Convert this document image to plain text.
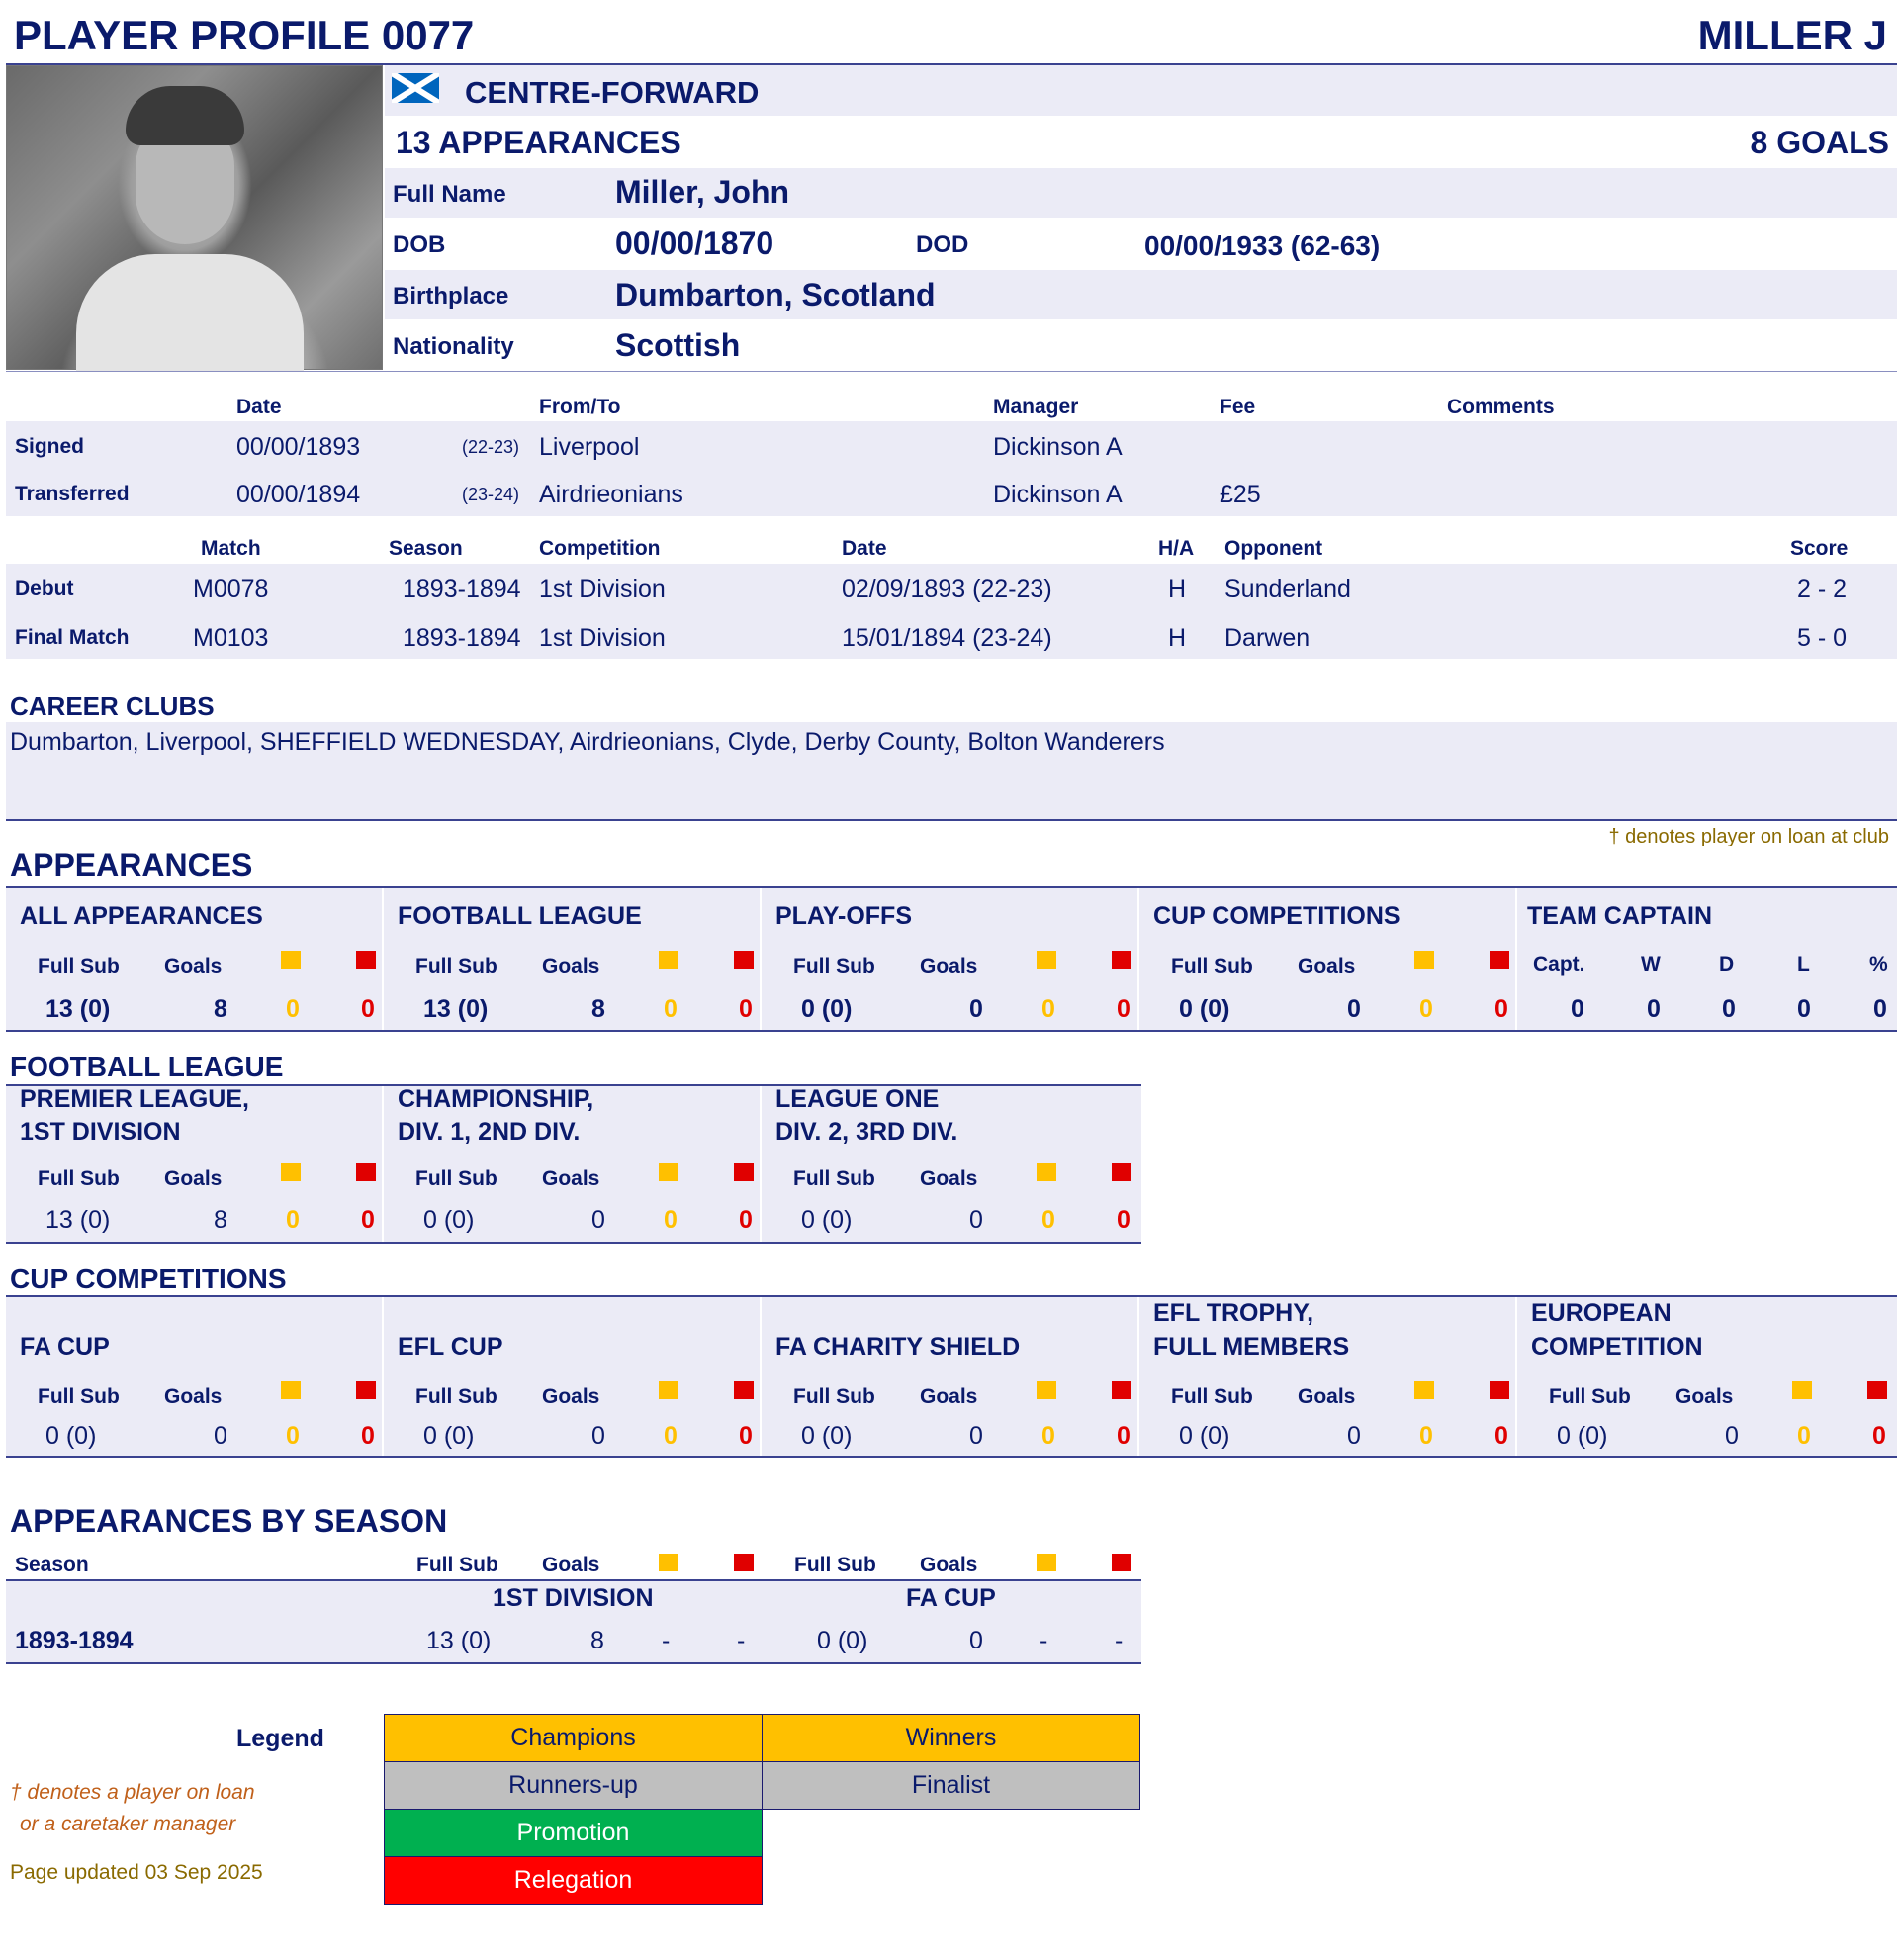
PLAYER PROFILE 0077	MILLER J
CENTRE-FORWARD
13 APPEARANCES	8 GOALS
Full Name	Miller, John
DOB	00/00/1870	DOD	00/00/1933 (62-63)
Birthplace	Dumbarton, Scotland
Nationality	Scottish
Date	From/To	Manager	Fee	Comments
Signed	00/00/1893	(22-23) Liverpool	Dickinson A
Transferred	00/00/1894	(23-24) Airdrieonians	Dickinson A	£25
Match	Season	Competition	Date	H/A Opponent	Score
Debut	M0078	1893-1894 1st Division	02/09/1893 (22-23)	H Sunderland	2 - 2
Final Match	M0103	1893-1894 1st Division	15/01/1894 (23-24)	H Darwen	5 - 0
CAREER CLUBS
Dumbarton, Liverpool, SHEFFIELD WEDNESDAY, Airdrieonians, Clyde, Derby County, Bolton Wanderers
† denotes player on loan at club
APPEARANCES
ALL APPEARANCES
Full Sub Goals
13 (0)	8 0 0
FOOTBALL LEAGUE
Full Sub Goals
13 (0)	8 0 0
PLAY-OFFS
Full Sub Goals
0 (0)	0 0 0
CUP COMPETITIONS
Full Sub Goals
0 (0)	0 0 0
TEAM CAPTAIN
Capt.	W	D	L	%
0	0 0 0	0
FOOTBALL LEAGUE
PREMIER LEAGUE,
1ST DIVISION
Full Sub Goals
13 (0)	8 0 0
CHAMPIONSHIP,
DIV. 1, 2ND DIV.
Full Sub Goals
0 (0)	0 0 0
LEAGUE ONE
DIV. 2, 3RD DIV.
Full Sub Goals
0 (0)	0 0 0
CUP COMPETITIONS
FA CUP
Full Sub Goals
0 (0)	0 0 0
EFL CUP
Full Sub Goals
0 (0)	0 0 0
FA CHARITY SHIELD
Full Sub Goals
0 (0)	0 0 0
EFL TROPHY,
FULL MEMBERS
Full Sub Goals
0 (0)	0 0 0
EUROPEAN
COMPETITION
Full Sub Goals
0 (0)	0 0 0
APPEARANCES BY SEASON
Season	Full Sub Goals	Full Sub Goals
1ST DIVISION	FA CUP
1893-1894	13 (0)	8 -	-	0 (0)	0 -	-
Legend	Champions	Winners
Runners-up	Finalist
Promotion
Relegation
† denotes a player on loan
or a caretaker manager
Page updated 03 Sep 2025
